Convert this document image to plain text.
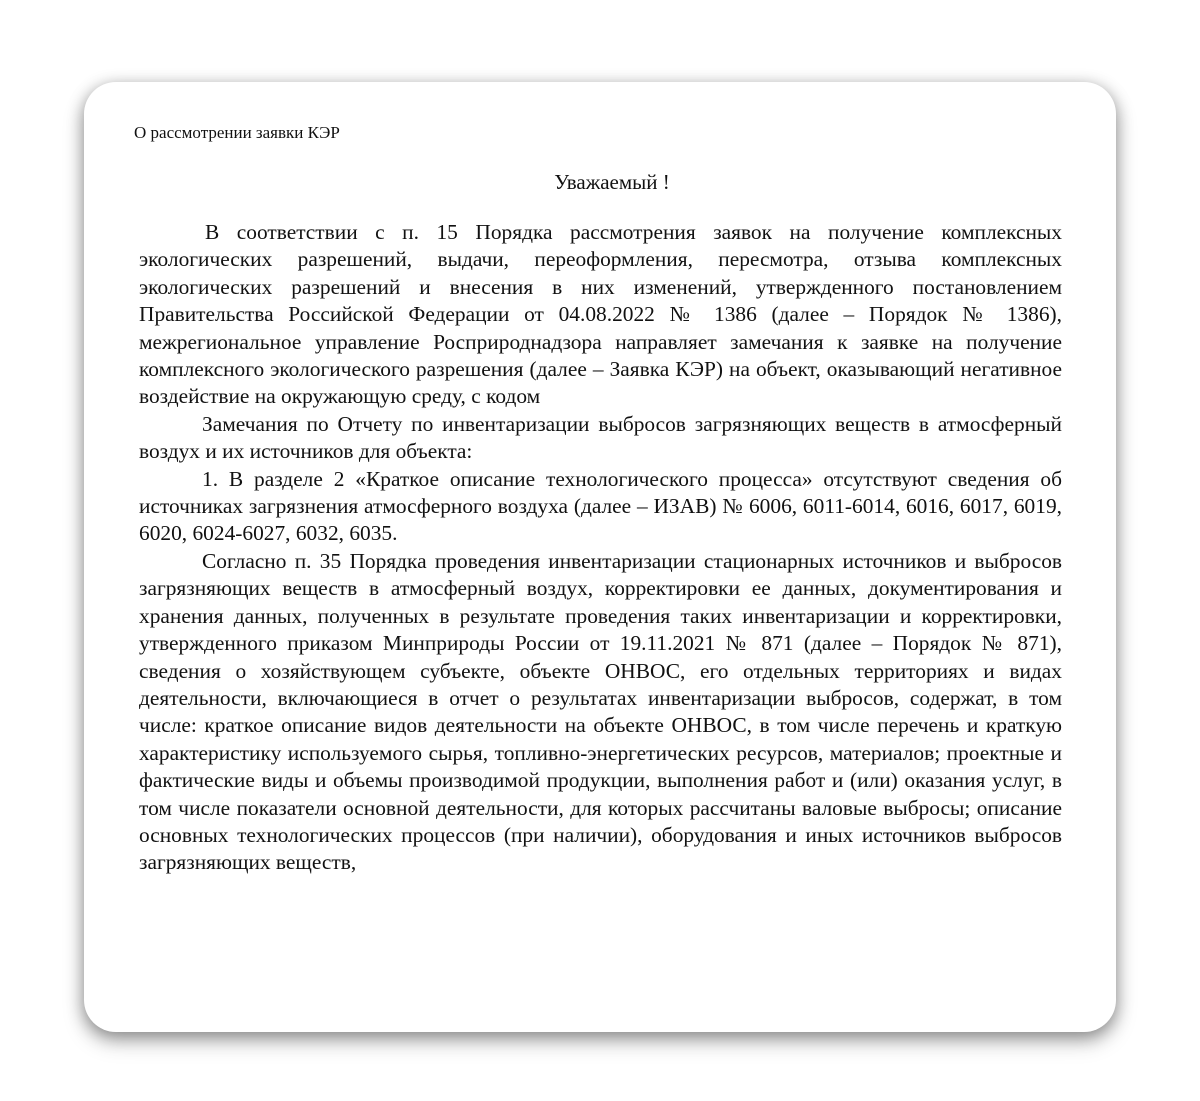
О рассмотрении заявки КЭР
Уважаемый !

В соответствии с п. 15 Порядка рассмотрения заявок на получение комплексных экологических разрешений, выдачи, переоформления, пересмотра, отзыва комплексных экологических разрешений и внесения в них изменений, утвержденного постановлением Правительства Российской Федерации от 04.08.2022 № 1386 (далее – Порядок № 1386), межрегиональное управление Росприроднадзора направляет замечания к заявке на получение комплексного экологического разрешения (далее – Заявка КЭР) на объект, оказывающий негативное воздействие на окружающую среду, с кодом

Замечания по Отчету по инвентаризации выбросов загрязняющих веществ в атмосферный воздух и их источников для объекта:

1. В разделе 2 «Краткое описание технологического процесса» отсутствуют сведения об источниках загрязнения атмосферного воздуха (далее – ИЗАВ) № 6006, 6011-6014, 6016, 6017, 6019, 6020, 6024-6027, 6032, 6035.

Согласно п. 35 Порядка проведения инвентаризации стационарных источников и выбросов загрязняющих веществ в атмосферный воздух, корректировки ее данных, документирования и хранения данных, полученных в результате проведения таких инвентаризации и корректировки, утвержденного приказом Минприроды России от 19.11.2021 № 871 (далее – Порядок № 871), сведения о хозяйствующем субъекте, объекте ОНВОС, его отдельных территориях и видах деятельности, включающиеся в отчет о результатах инвентаризации выбросов, содержат, в том числе: краткое описание видов деятельности на объекте ОНВОС, в том числе перечень и краткую характеристику используемого сырья, топливно-энергетических ресурсов, материалов; проектные и фактические виды и объемы производимой продукции, выполнения работ и (или) оказания услуг, в том числе показатели основной деятельности, для которых рассчитаны валовые выбросы; описание основных технологических процессов (при наличии), оборудования и иных источников выбросов загрязняющих веществ,
